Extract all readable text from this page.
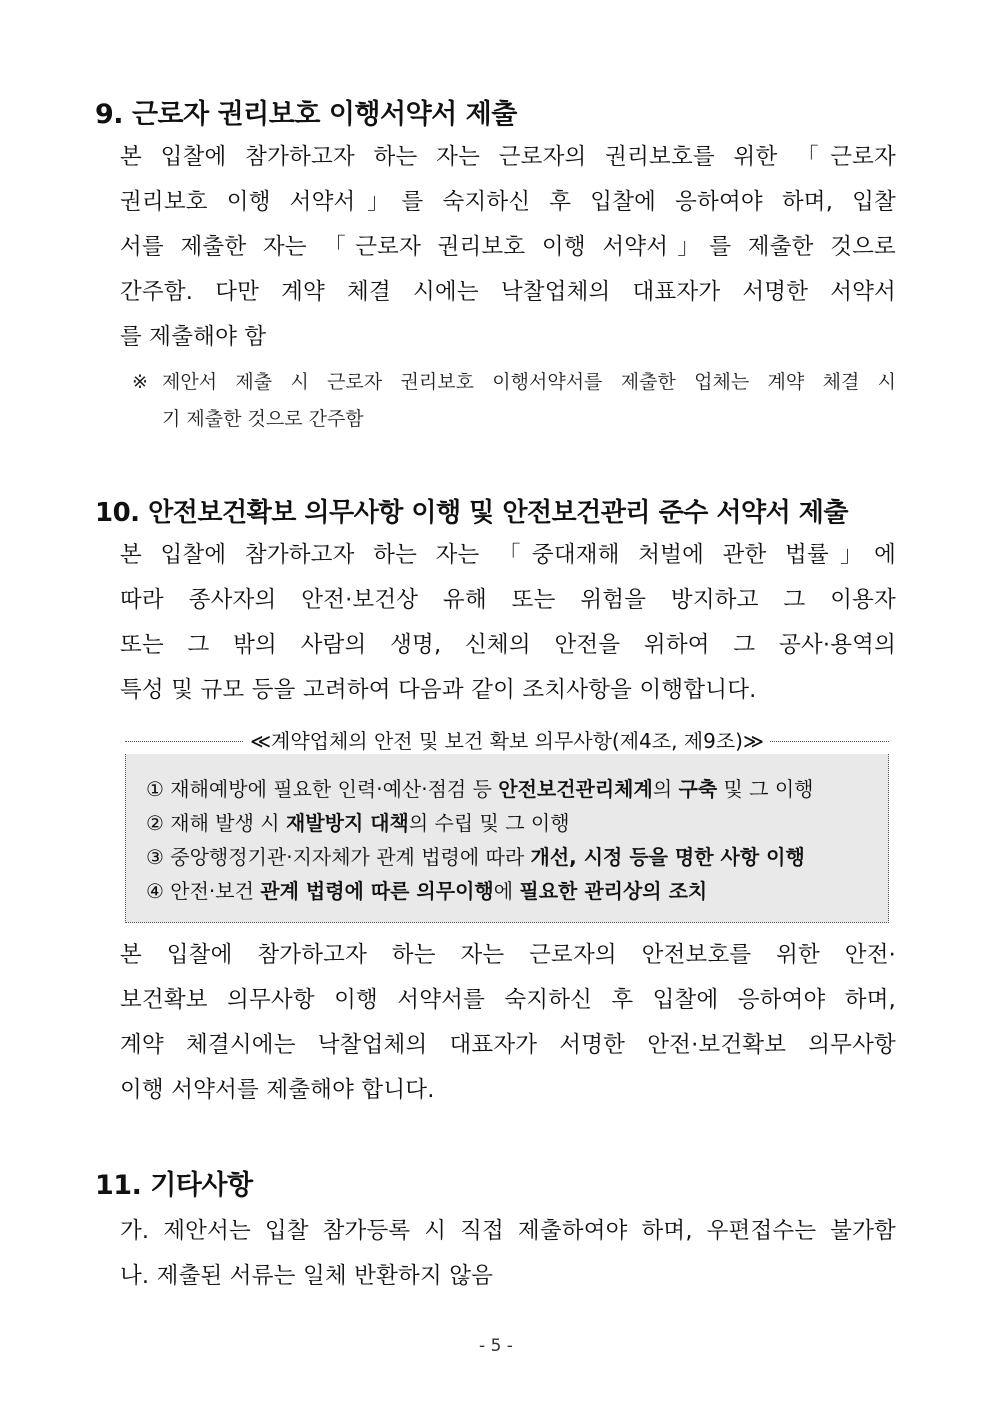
9. 근로자 권리보호 이행서약서 제출
본 입찰에 참가하고자 하는 자는 근로자의 권리보호를 위한 「근로자
권리보호 이행 서약서」를 숙지하신 후 입찰에 응하여야 하며, 입찰
서를 제출한 자는 「근로자 권리보호 이행 서약서」를 제출한 것으로
간주함. 다만 계약 체결 시에는 낙찰업체의 대표자가 서명한 서약서
를 제출해야 함
※ 제안서 제출 시 근로자 권리보호 이행서약서를 제출한 업체는 계약 체결 시
기 제출한 것으로 간주함
10. 안전보건확보 의무사항 이행 및 안전보건관리 준수 서약서 제출
본 입찰에 참가하고자 하는 자는 「중대재해 처벌에 관한 법률」에
따라 종사자의 안전·보건상 유해 또는 위험을 방지하고 그 이용자
또는 그 밖의 사람의 생명, 신체의 안전을 위하여 그 공사·용역의
특성 및 규모 등을 고려하여 다음과 같이 조치사항을 이행합니다.
≪계약업체의 안전 및 보건 확보 의무사항(제4조, 제9조)≫
① 재해예방에 필요한 인력·예산·점검 등 안전보건관리체계의 구축 및 그 이행
② 재해 발생 시 재발방지 대책의 수립 및 그 이행
③ 중앙행정기관·지자체가 관계 법령에 따라 개선, 시정 등을 명한 사항 이행
④ 안전·보건 관계 법령에 따른 의무이행에 필요한 관리상의 조치
본 입찰에 참가하고자 하는 자는 근로자의 안전보호를 위한 안전·
보건확보 의무사항 이행 서약서를 숙지하신 후 입찰에 응하여야 하며,
계약 체결시에는 낙찰업체의 대표자가 서명한 안전·보건확보 의무사항
이행 서약서를 제출해야 합니다.
11. 기타사항
가. 제안서는 입찰 참가등록 시 직접 제출하여야 하며, 우편접수는 불가함
나. 제출된 서류는 일체 반환하지 않음
- 5 -
